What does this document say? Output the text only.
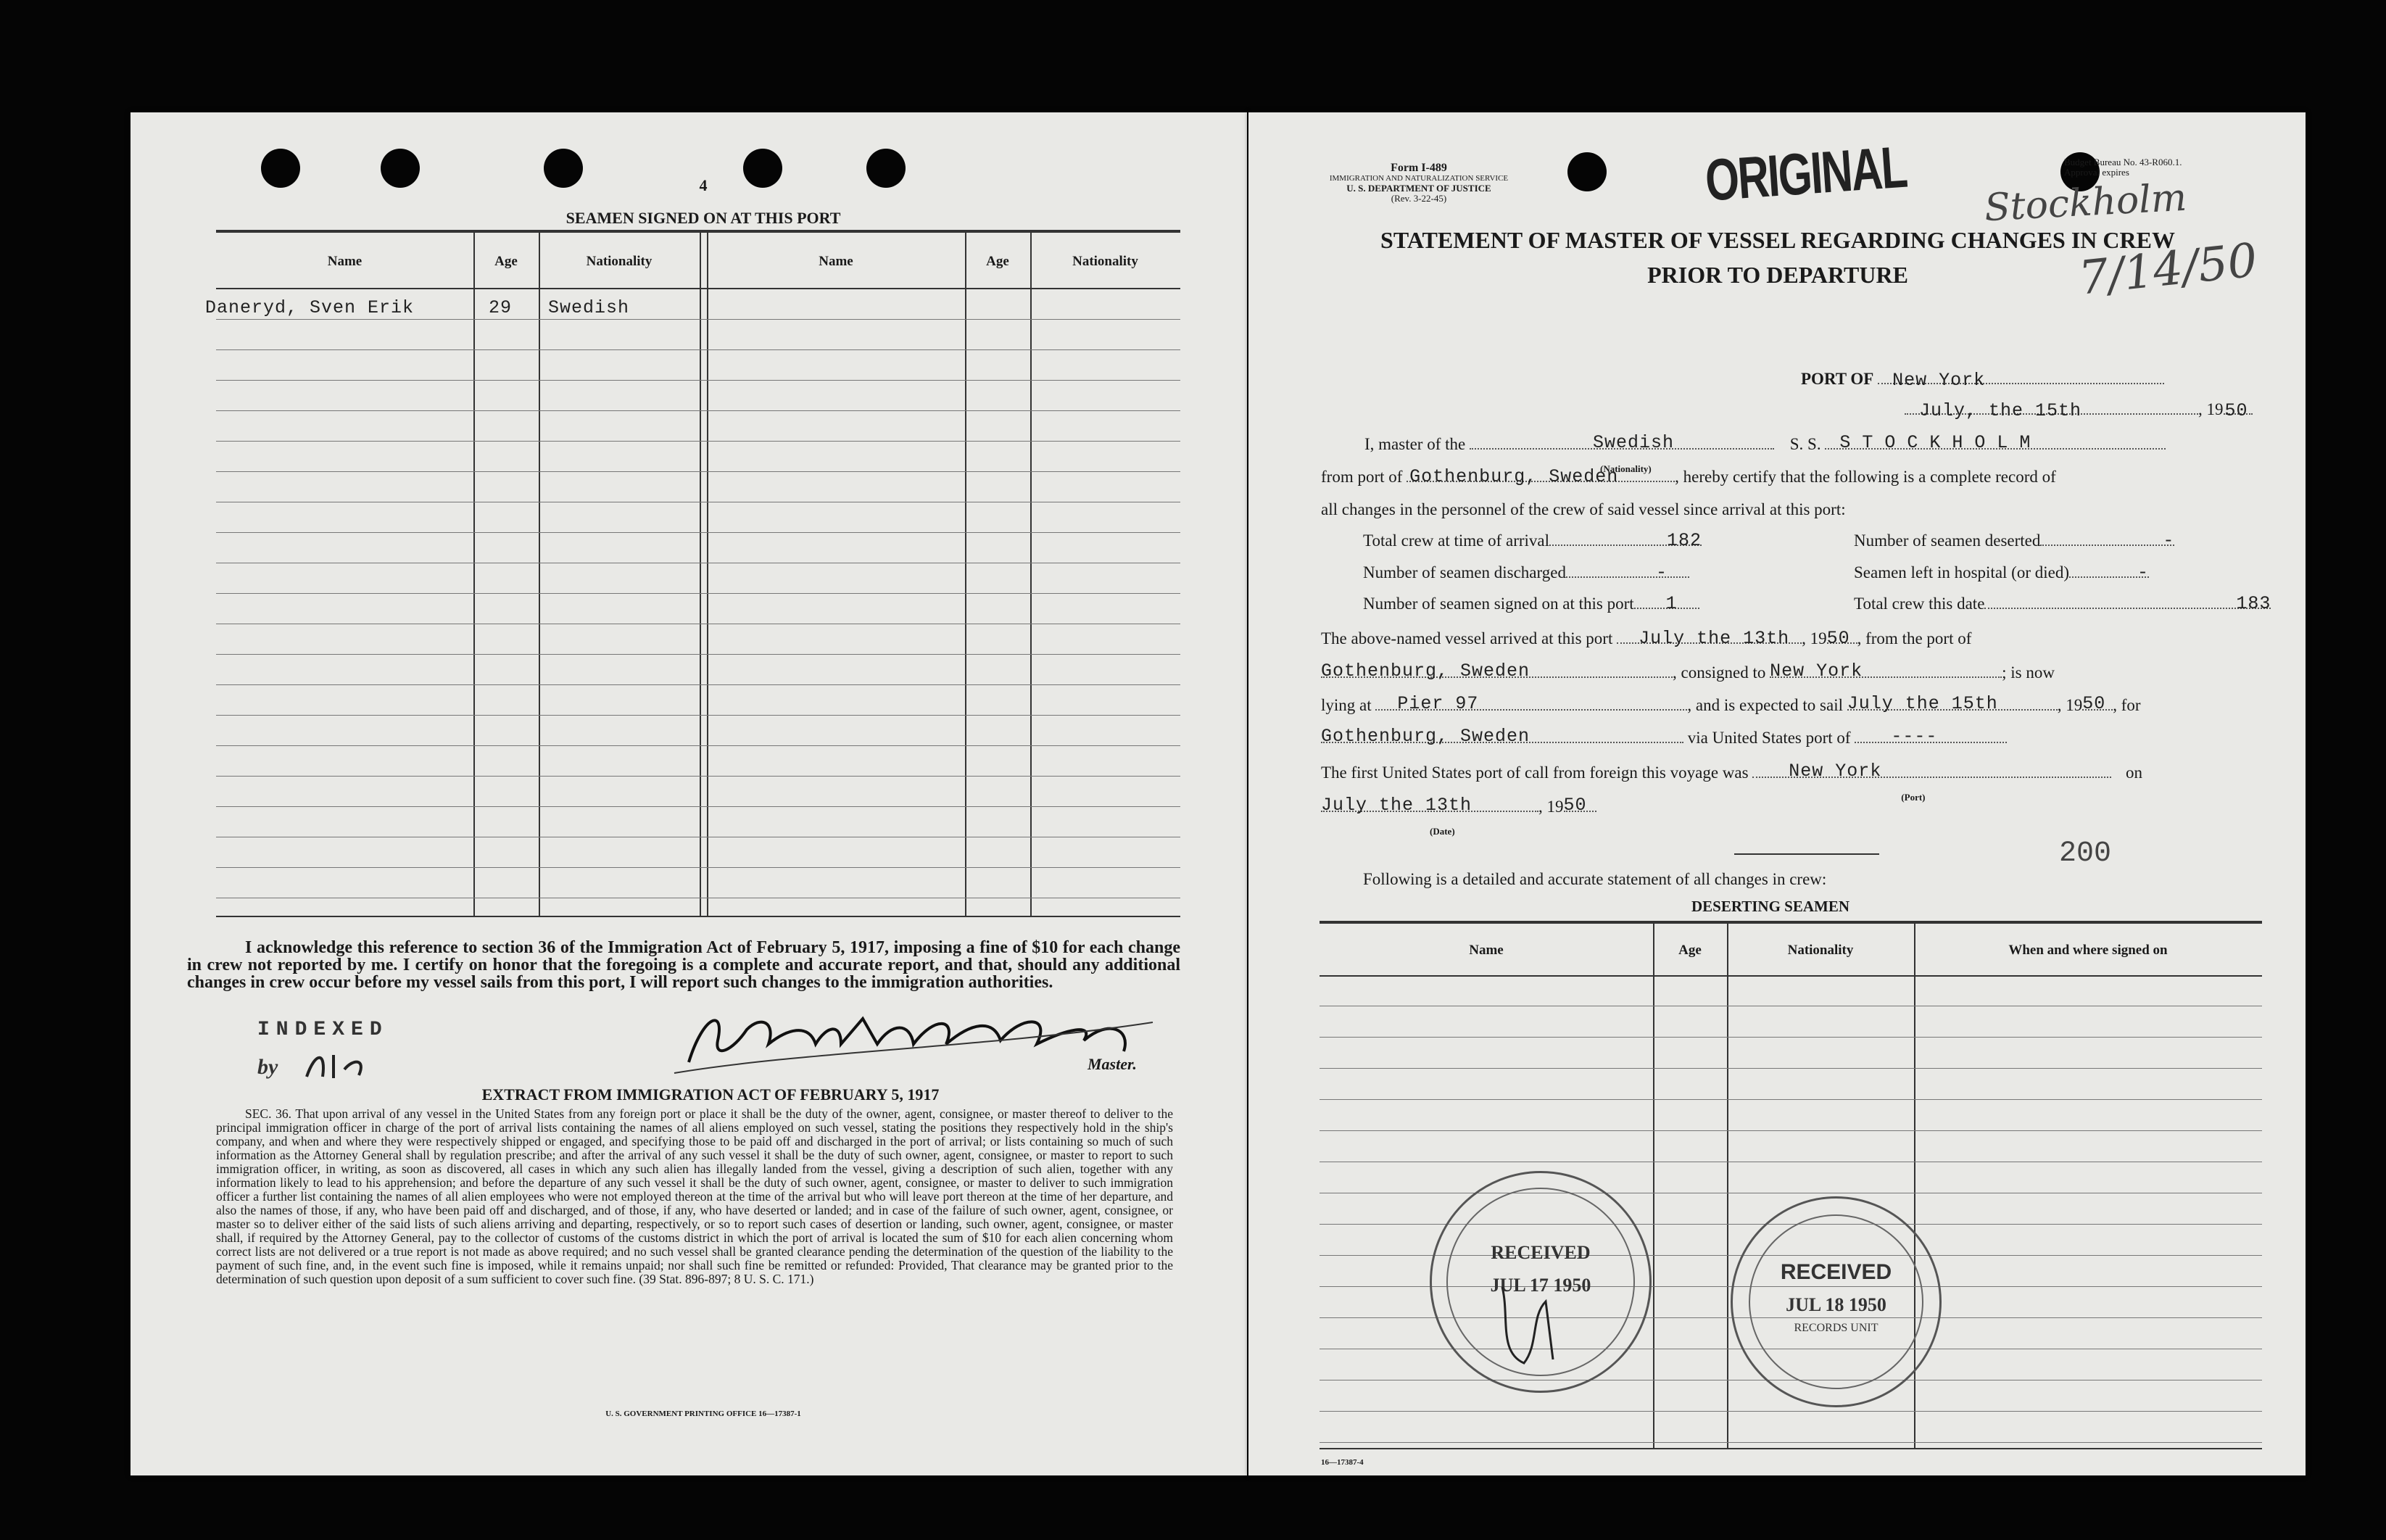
4
SEAMEN SIGNED ON AT THIS PORT
Name	Age	Nationality	Name	Age	Nationality
Daneryd, Sven Erik	29 Swedish
I acknowledge this reference to section 36 of the Immigration Act of February 5, 1917, imposing a fine of $10 for each change in crew not reported by me. I certify on honor that the foregoing is a complete and accurate report, and that, should any additional changes in crew occur before my vessel sails from this port, I will report such changes to the immigration authorities.
INDEXED
by	Master.
EXTRACT FROM IMMIGRATION ACT OF FEBRUARY 5, 1917
SEC. 36. That upon arrival of any vessel in the United States from any foreign port or place it shall be the duty of the owner, agent, consignee, or master thereof to deliver to the principal immigration officer in charge of the port of arrival lists containing the names of all aliens employed on such vessel, stating the positions they respectively hold in the ship's company, and when and where they were respectively shipped or engaged, and specifying those to be paid off and discharged in the port of arrival; or lists containing so much of such information as the Attorney General shall by regulation prescribe; and after the arrival of any such vessel it shall be the duty of such owner, agent, consignee, or master to report to such immigration officer, in writing, as soon as discovered, all cases in which any such alien has illegally landed from the vessel, giving a description of such alien, together with any information likely to lead to his apprehension; and before the departure of any such vessel it shall be the duty of such owner, agent, consignee, or master to deliver to such immigration officer a further list containing the names of all alien employees who were not employed thereon at the time of the arrival but who will leave port thereon at the time of her departure, and also the names of those, if any, who have been paid off and discharged, and of those, if any, who have deserted or landed; and in case of the failure of such owner, agent, consignee, or master so to deliver either of the said lists of such aliens arriving and departing, respectively, or so to report such cases of desertion or landing, such owner, agent, consignee, or master shall, if required by the Attorney General, pay to the collector of customs of the customs district in which the port of arrival is located the sum of $10 for each alien concerning whom correct lists are not delivered or a true report is not made as above required; and no such vessel shall be granted clearance pending the determination of the question of the liability to the payment of such fine, and, in the event such fine is imposed, while it remains unpaid; nor shall such fine be remitted or refunded: Provided, That clearance may be granted prior to the determination of such question upon deposit of a sum sufficient to cover such fine. (39 Stat. 896-897; 8 U. S. C. 171.)
U. S. GOVERNMENT PRINTING OFFICE 16—17387-1
Form I-489
IMMIGRATION AND NATURALIZATION SERVICE
U. S. DEPARTMENT OF JUSTICE
(Rev. 3-22-45)	ORIGINAL	Budget Bureau No. 43-R060.1.
Approval expires
Stockholm
7/14/50
STATEMENT OF MASTER OF VESSEL REGARDING CHANGES IN CREW
PRIOR TO DEPARTURE
PORT OF New York
July, the 15th	, 19 50
I, master of the	Swedish
(Nationality)
S. S. STOCKHOLM
from port of Gothenburg, Sweden	, hereby certify that the following is a complete record of
all changes in the personnel of the crew of said vessel since arrival at this port:
Total crew at time of arrival	182	Number of seamen deserted	-
Number of seamen discharged	-	Seamen left in hospital (or died)	-
Number of seamen signed on at this port 1	Total crew this date	183
The above-named vessel arrived at this port July the 13th , 19 50 , from the port of
Gothenburg, Sweden	, consigned to New York	; is now
lying at Pier 97	, and is expected to sail July the 15th	, 19 50 , for
Gothenburg, Sweden	via United States port of ----
The first United States port of call from foreign this voyage was New York
(Port)
on
July the 13th
(Date)
, 19 50
200
Following is a detailed and accurate statement of all changes in crew:
DESERTING SEAMEN
Name	Age	Nationality	When and where signed on
RECEIVED
JUL 17 1950
RECEIVED
JUL 18 1950
RECORDS UNIT
16—17387-4
